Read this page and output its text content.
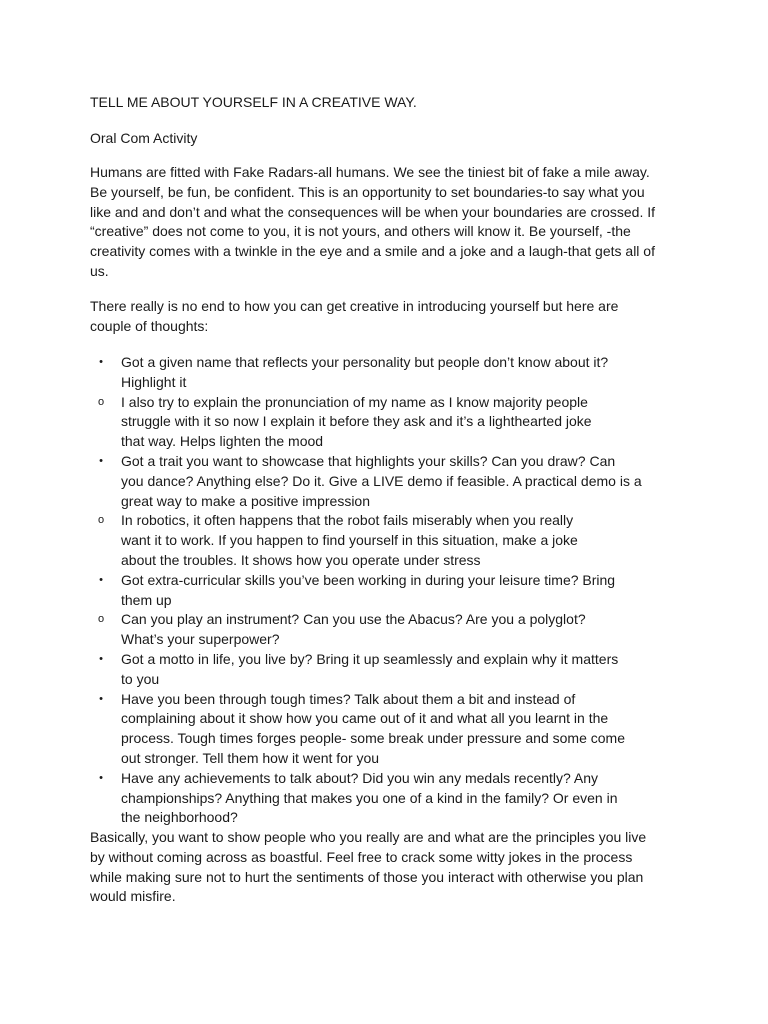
TELL ME ABOUT YOURSELF IN A CREATIVE WAY.
Oral Com Activity
Humans are fitted with Fake Radars-all humans. We see the tiniest bit of fake a mile away.
Be yourself, be fun, be confident. This is an opportunity to set boundaries-to say what you
like and and don’t and what the consequences will be when your boundaries are crossed. If
“creative” does not come to you, it is not yours, and others will know it. Be yourself, -the
creativity comes with a twinkle in the eye and a smile and a joke and a laugh-that gets all of
us.
There really is no end to how you can get creative in introducing yourself but here are
couple of thoughts:
• Got a given name that reflects your personality but people don’t know about it?
Highlight it
o I also try to explain the pronunciation of my name as I know majority people
struggle with it so now I explain it before they ask and it’s a lighthearted joke
that way. Helps lighten the mood
• Got a trait you want to showcase that highlights your skills? Can you draw? Can
you dance? Anything else? Do it. Give a LIVE demo if feasible. A practical demo is a
great way to make a positive impression
o In robotics, it often happens that the robot fails miserably when you really
want it to work. If you happen to find yourself in this situation, make a joke
about the troubles. It shows how you operate under stress
• Got extra-curricular skills you’ve been working in during your leisure time? Bring
them up
o Can you play an instrument? Can you use the Abacus? Are you a polyglot?
What’s your superpower?
• Got a motto in life, you live by? Bring it up seamlessly and explain why it matters
to you
• Have you been through tough times? Talk about them a bit and instead of
complaining about it show how you came out of it and what all you learnt in the
process. Tough times forges people- some break under pressure and some come
out stronger. Tell them how it went for you
• Have any achievements to talk about? Did you win any medals recently? Any
championships? Anything that makes you one of a kind in the family? Or even in
the neighborhood?
Basically, you want to show people who you really are and what are the principles you live
by without coming across as boastful. Feel free to crack some witty jokes in the process
while making sure not to hurt the sentiments of those you interact with otherwise you plan
would misfire.
